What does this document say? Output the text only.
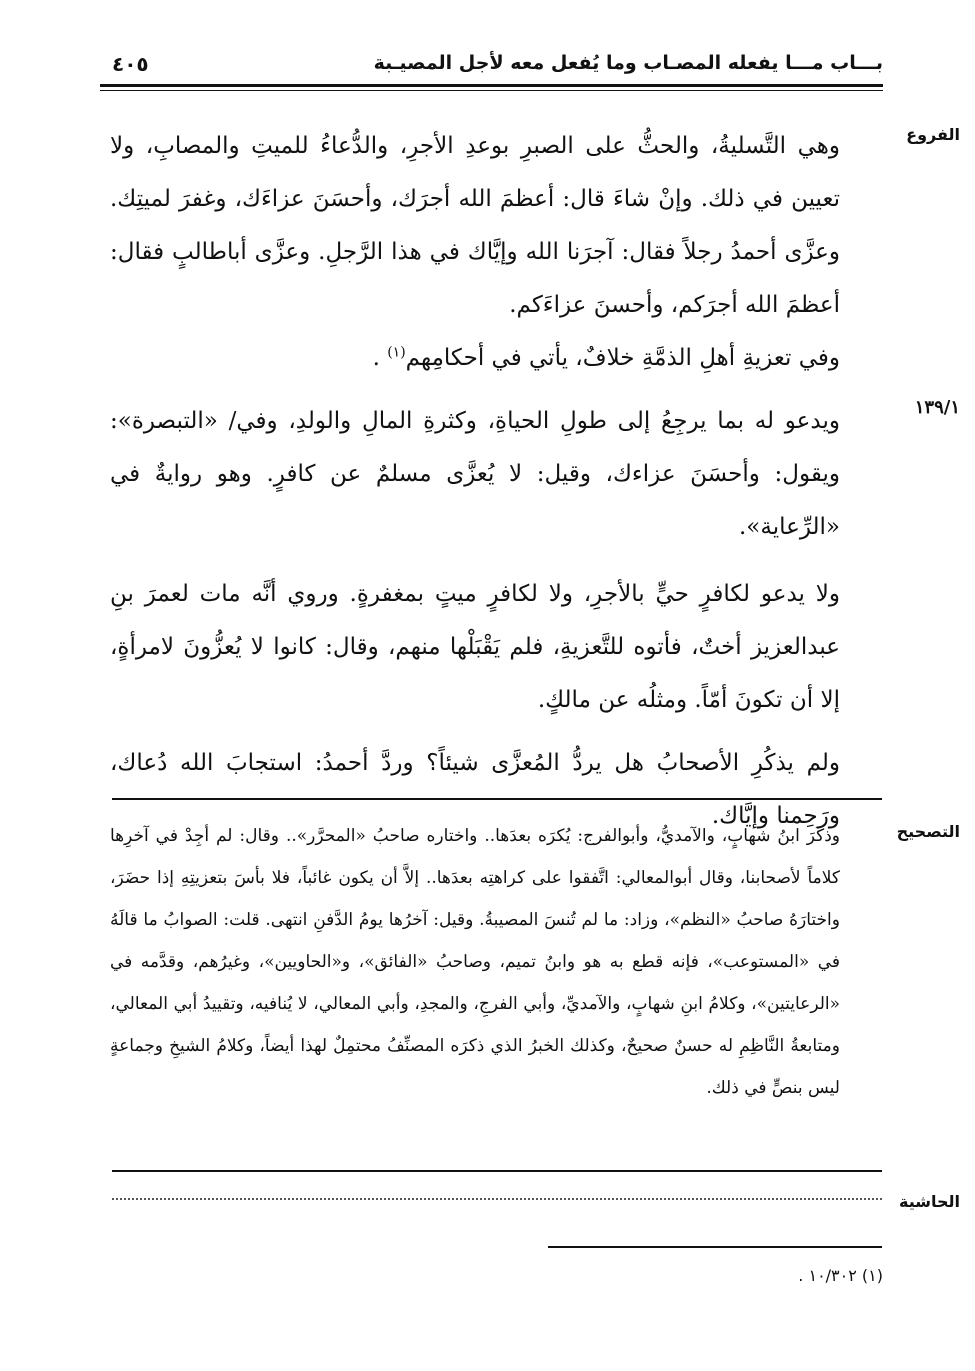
بـــاب مـــا يفعله المصـاب وما يُفعل معه لأجل المصيـبة
٤٠٥
الفروع
١٣٩/١
التصحيح
الحاشية

وهي التَّسليةُ، والحثُّ على الصبرِ بوعدِ الأجرِ، والدُّعاءُ للميتِ والمصابِ، ولا تعيين في ذلك. وإنْ شاءَ قال: أعظمَ الله أجرَك، وأحسَنَ عزاءَك، وغفرَ لميتِك. وعزَّى أحمدُ رجلاً فقال: آجرَنا الله وإيَّاك في هذا الرَّجلِ. وعزَّى أباطالبٍ فقال: أعظمَ الله أجرَكم، وأحسنَ عزاءَكم.

وفي تعزيةِ أهلِ الذمَّةِ خلافٌ، يأتي في أحكامِهم$^{(١)}$ .

ويدعو له بما يرجِعُ إلى طولِ الحياةِ، وكثرةِ المالِ والولدِ، وفي/ «التبصرة»: ويقول: وأحسَنَ عزاءك، وقيل: لا يُعزَّى مسلمٌ عن كافرٍ. وهو روايةٌ في «الرِّعاية».

ولا يدعو لكافرٍ حيٍّ بالأجرِ، ولا لكافرٍ ميتٍ بمغفرةٍ. وروي أنَّه مات لعمرَ بنِ عبدالعزيز أختٌ، فأتوه للتَّعزيةِ، فلم يَقْبَلْها منهم، وقال: كانوا لا يُعزُّونَ لامرأةٍ، إلا أن تكونَ أمّاً. ومثلُه عن مالكٍ.

ولم يذكُرِ الأصحابُ هل يردُّ المُعزَّى شيئاً؟ وردَّ أحمدُ: استجابَ الله دُعاك، ورَحِمنا وإيَّاك.

وذكَرَ ابنُ شهابٍ، والآمديُّ، وأبوالفرج: يُكرَه بعدَها.. واختاره صاحبُ «المحرَّر».. وقال: لم أجِدْ في آخرِها كلاماً لأصحابنا، وقال أبوالمعالي: اتَّفقوا على كراهتِه بعدَها.. إلاَّ أن يكون غائباً، فلا بأسَ بتعزيتِهِ إذا حضَرَ، واختارَهُ صاحبُ «النظم»، وزاد: ما لم تُنسَ المصيبةُ. وقيل: آخرُها يومُ الدَّفنِ انتهى. قلت: الصوابُ ما قالَهُ في «المستوعب»، فإنه قطع به هو وابنُ تميم، وصاحبُ «الفائق»، و«الحاويين»، وغيرُهم، وقدَّمه في «الرعايتين»، وكلامُ ابنِ شهابٍ، والآمديِّ، وأبي الفرجِ، والمجدِ، وأبي المعالي، لا يُنافيه، وتقييدُ أبي المعالي، ومتابعةُ النَّاظِمِ له حسنٌ صحيحٌ، وكذلك الخبرُ الذي ذكرَه المصنِّفُ محتمِلٌ لهذا أيضاً، وكلامُ الشيخِ وجماعةٍ ليس بنصٍّ في ذلك.

(١) ١٠/٣٠٢ .
